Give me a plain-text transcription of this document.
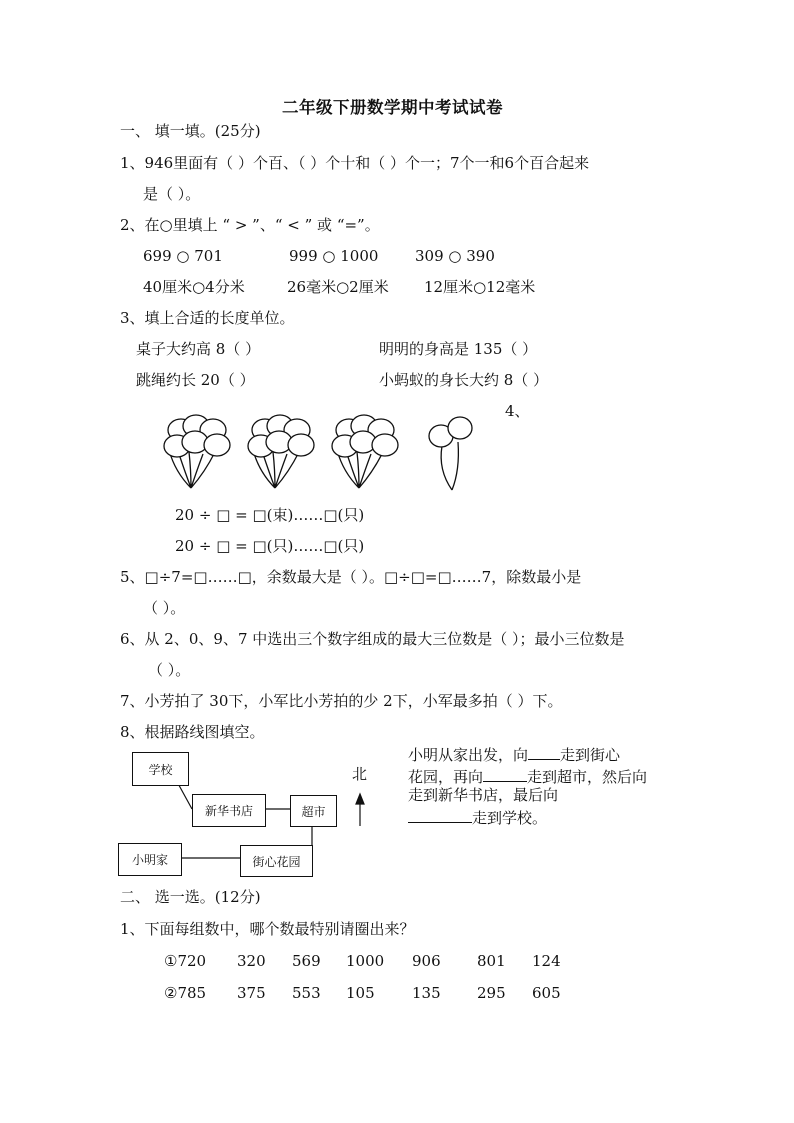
二年级下册数学期中考试试卷
一、 填一填。(25分)
1、946里面有（ ）个百、（ ）个十和（ ）个一；7个一和6个百合起来
是（ ）。
2、在○里填上 “ > ”、“ < ” 或 “=”。
699 ○ 701	999 ○ 1000 309 ○ 390
40厘米○4分米	26毫米○2厘米 12厘米○12毫米
3、填上合适的长度单位。
桌子大约高 8（ ）	明明的身高是 135（ ）
跳绳约长 20（ ）	小蚂蚁的身长大约 8（ ）
4、
20 ÷ □ = □(束)……□(只)
20 ÷ □ = □(只)……□(只)
5、□÷7=□……□，余数最大是（ ）。□÷□=□……7，除数最小是
（ ）。
6、从 2、0、9、7 中选出三个数字组成的最大三位数是（ ）；最小三位数是
（ ）。
7、小芳拍了 30下，小军比小芳拍的少 2下，小军最多拍（ ）下。
8、根据路线图填空。
学校
新华书店	超市
小明家	街心花园
北
小明从家出发，向 走到街心
花园，再向	走到超市，然后向
走到新华书店，最后向
走到学校。
二、 选一选。(12分)
1、下面每组数中，哪个数最特别请圈出来？
①720 320 569 1000 906 801 124
②785 375 553 105 135 295 605
